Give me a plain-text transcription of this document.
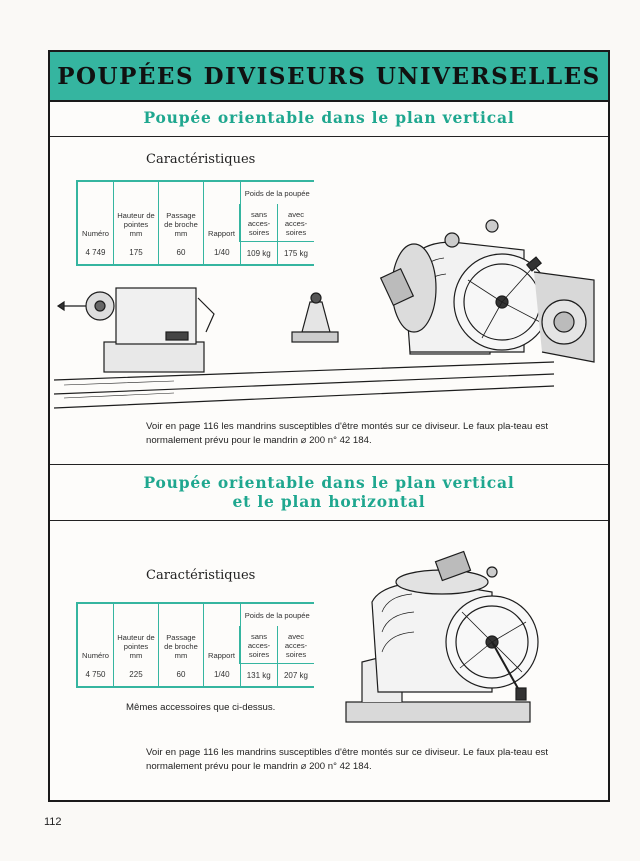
POUPÉES DIVISEURS UNIVERSELLES
Poupée orientable dans le plan vertical
Caractéristiques
Numéro	Hauteur de pointes mm	Passage de broche mm	Rapport	Poids de la poupée	
				sans acces-soires	avec acces-soires
4 749	175	60	1/40	109 kg	175 kg
Voir en page 116 les mandrins susceptibles d'être montés sur ce diviseur. Le faux pla-teau est normalement prévu pour le mandrin ⌀ 200 n° 42 184.
Poupée orientable dans le plan vertical
et le plan horizontal
Caractéristiques
Numéro	Hauteur de pointes mm	Passage de broche mm	Rapport	Poids de la poupée	
				sans acces-soires	avec acces-soires
4 750	225	60	1/40	131 kg	207 kg
Mêmes accessoires que ci-dessus.
Voir en page 116 les mandrins susceptibles d'être montés sur ce diviseur. Le faux pla-teau est normalement prévu pour le mandrin ⌀ 200 n° 42 184.
112
